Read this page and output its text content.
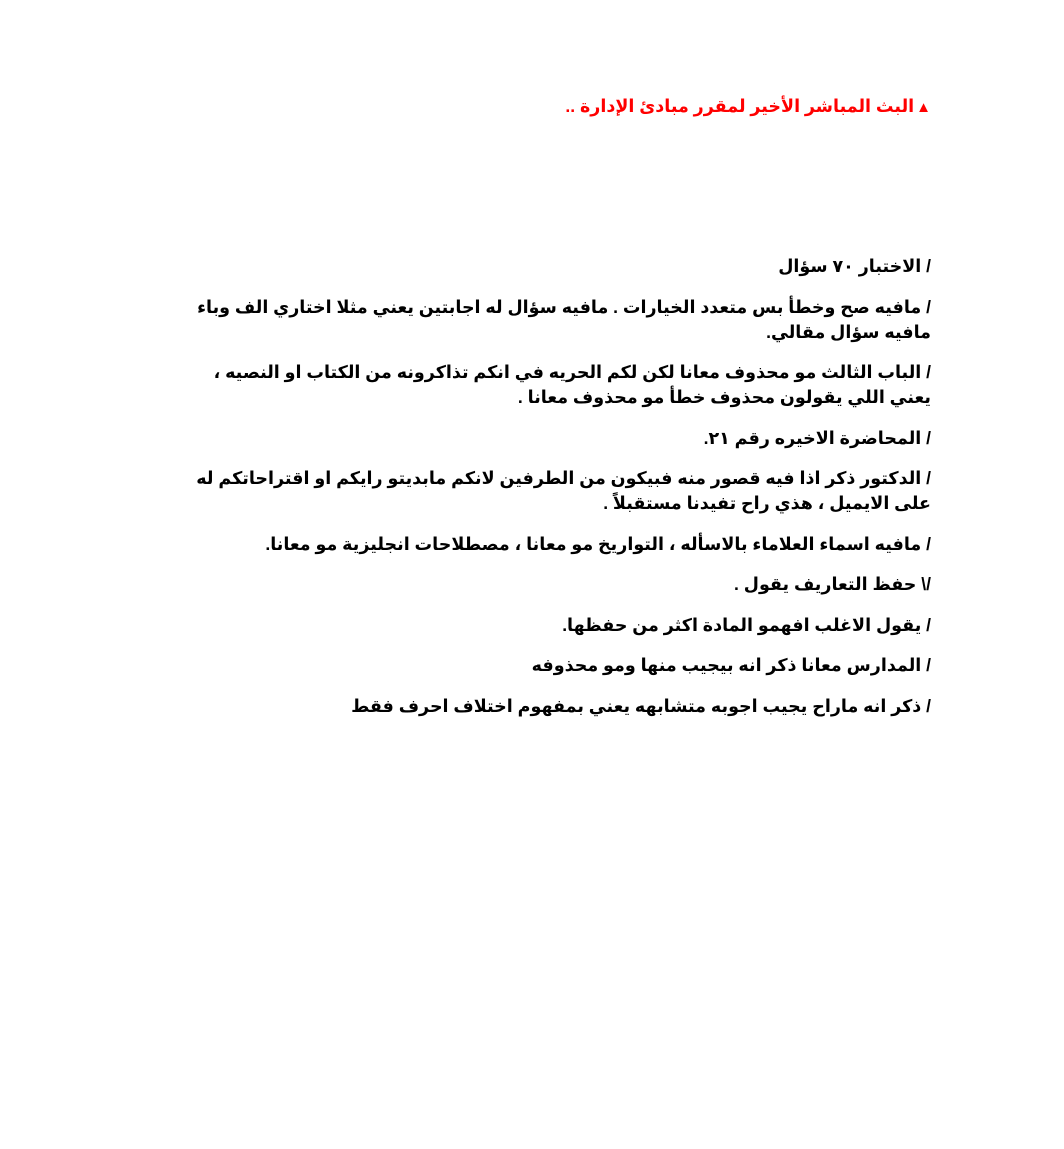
▲البث المباشر الأخير لمقرر مبادئ الإدارة ..

/ الاختبار ٧٠ سؤال

/ مافيه صح وخطأ بس متعدد الخيارات . مافيه سؤال له اجابتين يعني مثلا اختاري الف وباء مافيه سؤال مقالي.

/ الباب الثالث مو محذوف معانا لكن لكم الحريه في انكم تذاكرونه من الكتاب او النصيه ، يعني اللي يقولون محذوف خطأ مو محذوف معانا .

/ المحاضرة الاخيره رقم ٢١.

/ الدكتور ذكر اذا فيه قصور منه فبيكون من الطرفين لانكم مابديتو رايكم او اقتراحاتكم له على الايميل ، هذي راح تفيدنا مستقبلاً .

/ مافيه اسماء العلاماء بالاسأله ، التواريخ مو معانا ، مصطلاحات انجليزية مو معانا.

/\ حفظ التعاريف يقول .

/ يقول الاغلب افهمو المادة اكثر من حفظها.

/ المدارس معانا ذكر انه بيجيب منها ومو محذوفه

/ ذكر انه ماراح يجيب اجوبه متشابهه يعني بمفهوم اختلاف احرف فقط
